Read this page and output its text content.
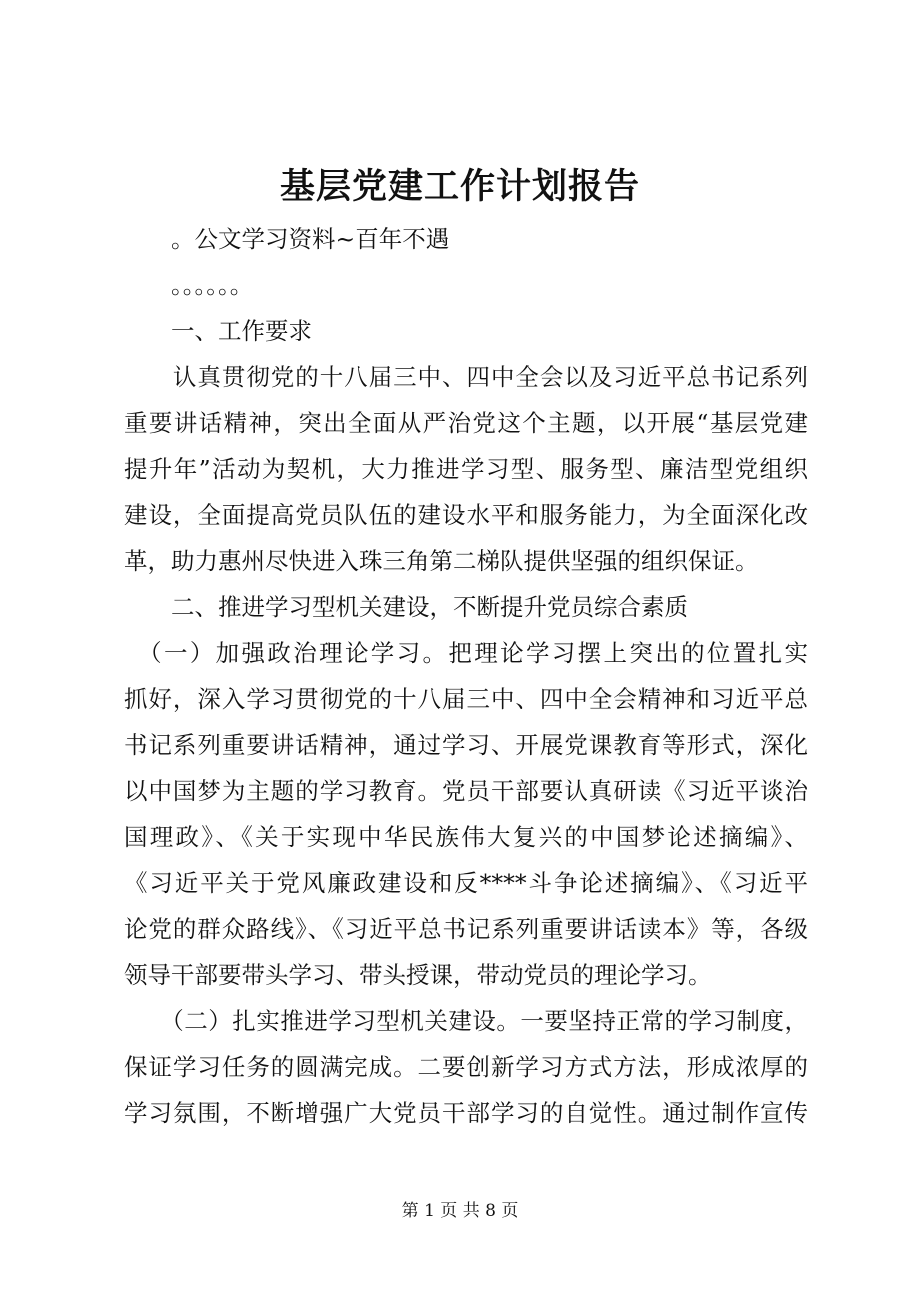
基层党建工作计划报告

　　。公文学习资料~百年不遇

　　。。。。。。

　　一、工作要求

　　认真贯彻党的十八届三中、四中全会以及习近平总书记系列

重要讲话精神，突出全面从严治党这个主题，以开展“基层党建

提升年”活动为契机，大力推进学习型、服务型、廉洁型党组织

建设，全面提高党员队伍的建设水平和服务能力，为全面深化改

革，助力惠州尽快进入珠三角第二梯队提供坚强的组织保证。

　　二、推进学习型机关建设，不断提升党员综合素质

　（一）加强政治理论学习。把理论学习摆上突出的位置扎实

抓好，深入学习贯彻党的十八届三中、四中全会精神和习近平总

书记系列重要讲话精神，通过学习、开展党课教育等形式，深化

以中国梦为主题的学习教育。党员干部要认真研读《习近平谈治

国理政》、《关于实现中华民族伟大复兴的中国梦论述摘编》、

《习近平关于党风廉政建设和反****斗争论述摘编》、《习近平

论党的群众路线》、《习近平总书记系列重要讲话读本》等，各级

领导干部要带头学习、带头授课，带动党员的理论学习。

　　（二）扎实推进学习型机关建设。一要坚持正常的学习制度，

保证学习任务的圆满完成。二要创新学习方式方法，形成浓厚的

学习氛围，不断增强广大党员干部学习的自觉性。通过制作宣传

第 1 页 共 8 页
